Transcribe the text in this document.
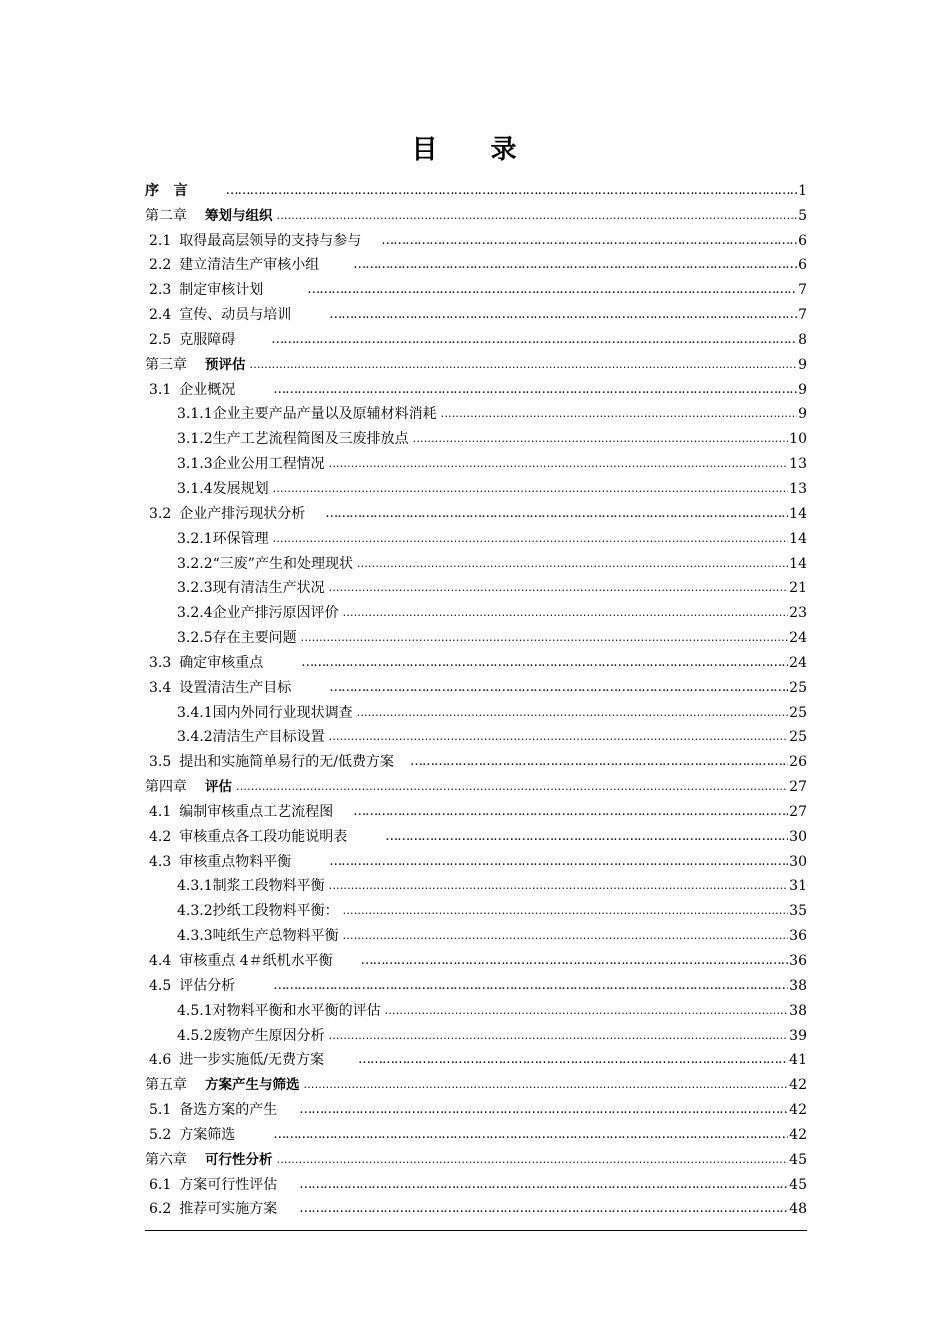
目 录
序   言 ……………………………………………………………………………………………………………………………………………………………………………………………………	1
第二章 筹划与组织 .....	5
2.1 取得最高层领导的支持与参与 ……………………………………………………………………………………………………………………………………………………………………………………………………	6
2.2 建立清洁生产审核小组 ……………………………………………………………………………………………………………………………………………………………………………………………………	6
2.3 制定审核计划 ……………………………………………………………………………………………………………………………………………………………………………………………………	7
2.4 宣传、动员与培训 ……………………………………………………………………………………………………………………………………………………………………………………………………	7
2.5 克服障碍 ……………………………………………………………………………………………………………………………………………………………………………………………………	8
第三章 预评估 .....	9
3.1 企业概况 ……………………………………………………………………………………………………………………………………………………………………………………………………	9
3.1.1企业主要产品产量以及原辅材料消耗 .....	9
3.1.2生产工艺流程简图及三废排放点 .....	10
3.1.3企业公用工程情况 .....	13
3.1.4发展规划 .....	13
3.2 企业产排污现状分析 ……………………………………………………………………………………………………………………………………………………………………………………………………	14
3.2.1环保管理 .....	14
3.2.2“三废”产生和处理现状 .....	14
3.2.3现有清洁生产状况 .....	21
3.2.4企业产排污原因评价 .....	23
3.2.5存在主要问题 .....	24
3.3 确定审核重点 ……………………………………………………………………………………………………………………………………………………………………………………………………	24
3.4 设置清洁生产目标 ……………………………………………………………………………………………………………………………………………………………………………………………………	25
3.4.1国内外同行业现状调查 .....	25
3.4.2清洁生产目标设置 .....	25
3.5 提出和实施简单易行的无/低费方案 ……………………………………………………………………………………………………………………………………………………………………………………………………	26
第四章 评估 .....	27
4.1 编制审核重点工艺流程图 ……………………………………………………………………………………………………………………………………………………………………………………………………	27
4.2 审核重点各工段功能说明表 ……………………………………………………………………………………………………………………………………………………………………………………………………	30
4.3 审核重点物料平衡 ……………………………………………………………………………………………………………………………………………………………………………………………………	30
4.3.1制浆工段物料平衡 .....	31
4.3.2抄纸工段物料平衡： .....	35
4.3.3吨纸生产总物料平衡 .....	36
4.4 审核重点 4＃纸机水平衡 ……………………………………………………………………………………………………………………………………………………………………………………………………	36
4.5 评估分析 ……………………………………………………………………………………………………………………………………………………………………………………………………	38
4.5.1对物料平衡和水平衡的评估 .....	38
4.5.2废物产生原因分析 .....	39
4.6 进一步实施低/无费方案 ……………………………………………………………………………………………………………………………………………………………………………………………………	41
第五章 方案产生与筛选 .....	42
5.1 备选方案的产生 ……………………………………………………………………………………………………………………………………………………………………………………………………	42
5.2 方案筛选 ……………………………………………………………………………………………………………………………………………………………………………………………………	42
第六章 可行性分析 .....	45
6.1 方案可行性评估 ……………………………………………………………………………………………………………………………………………………………………………………………………	45
6.2 推荐可实施方案 ……………………………………………………………………………………………………………………………………………………………………………………………………	48
